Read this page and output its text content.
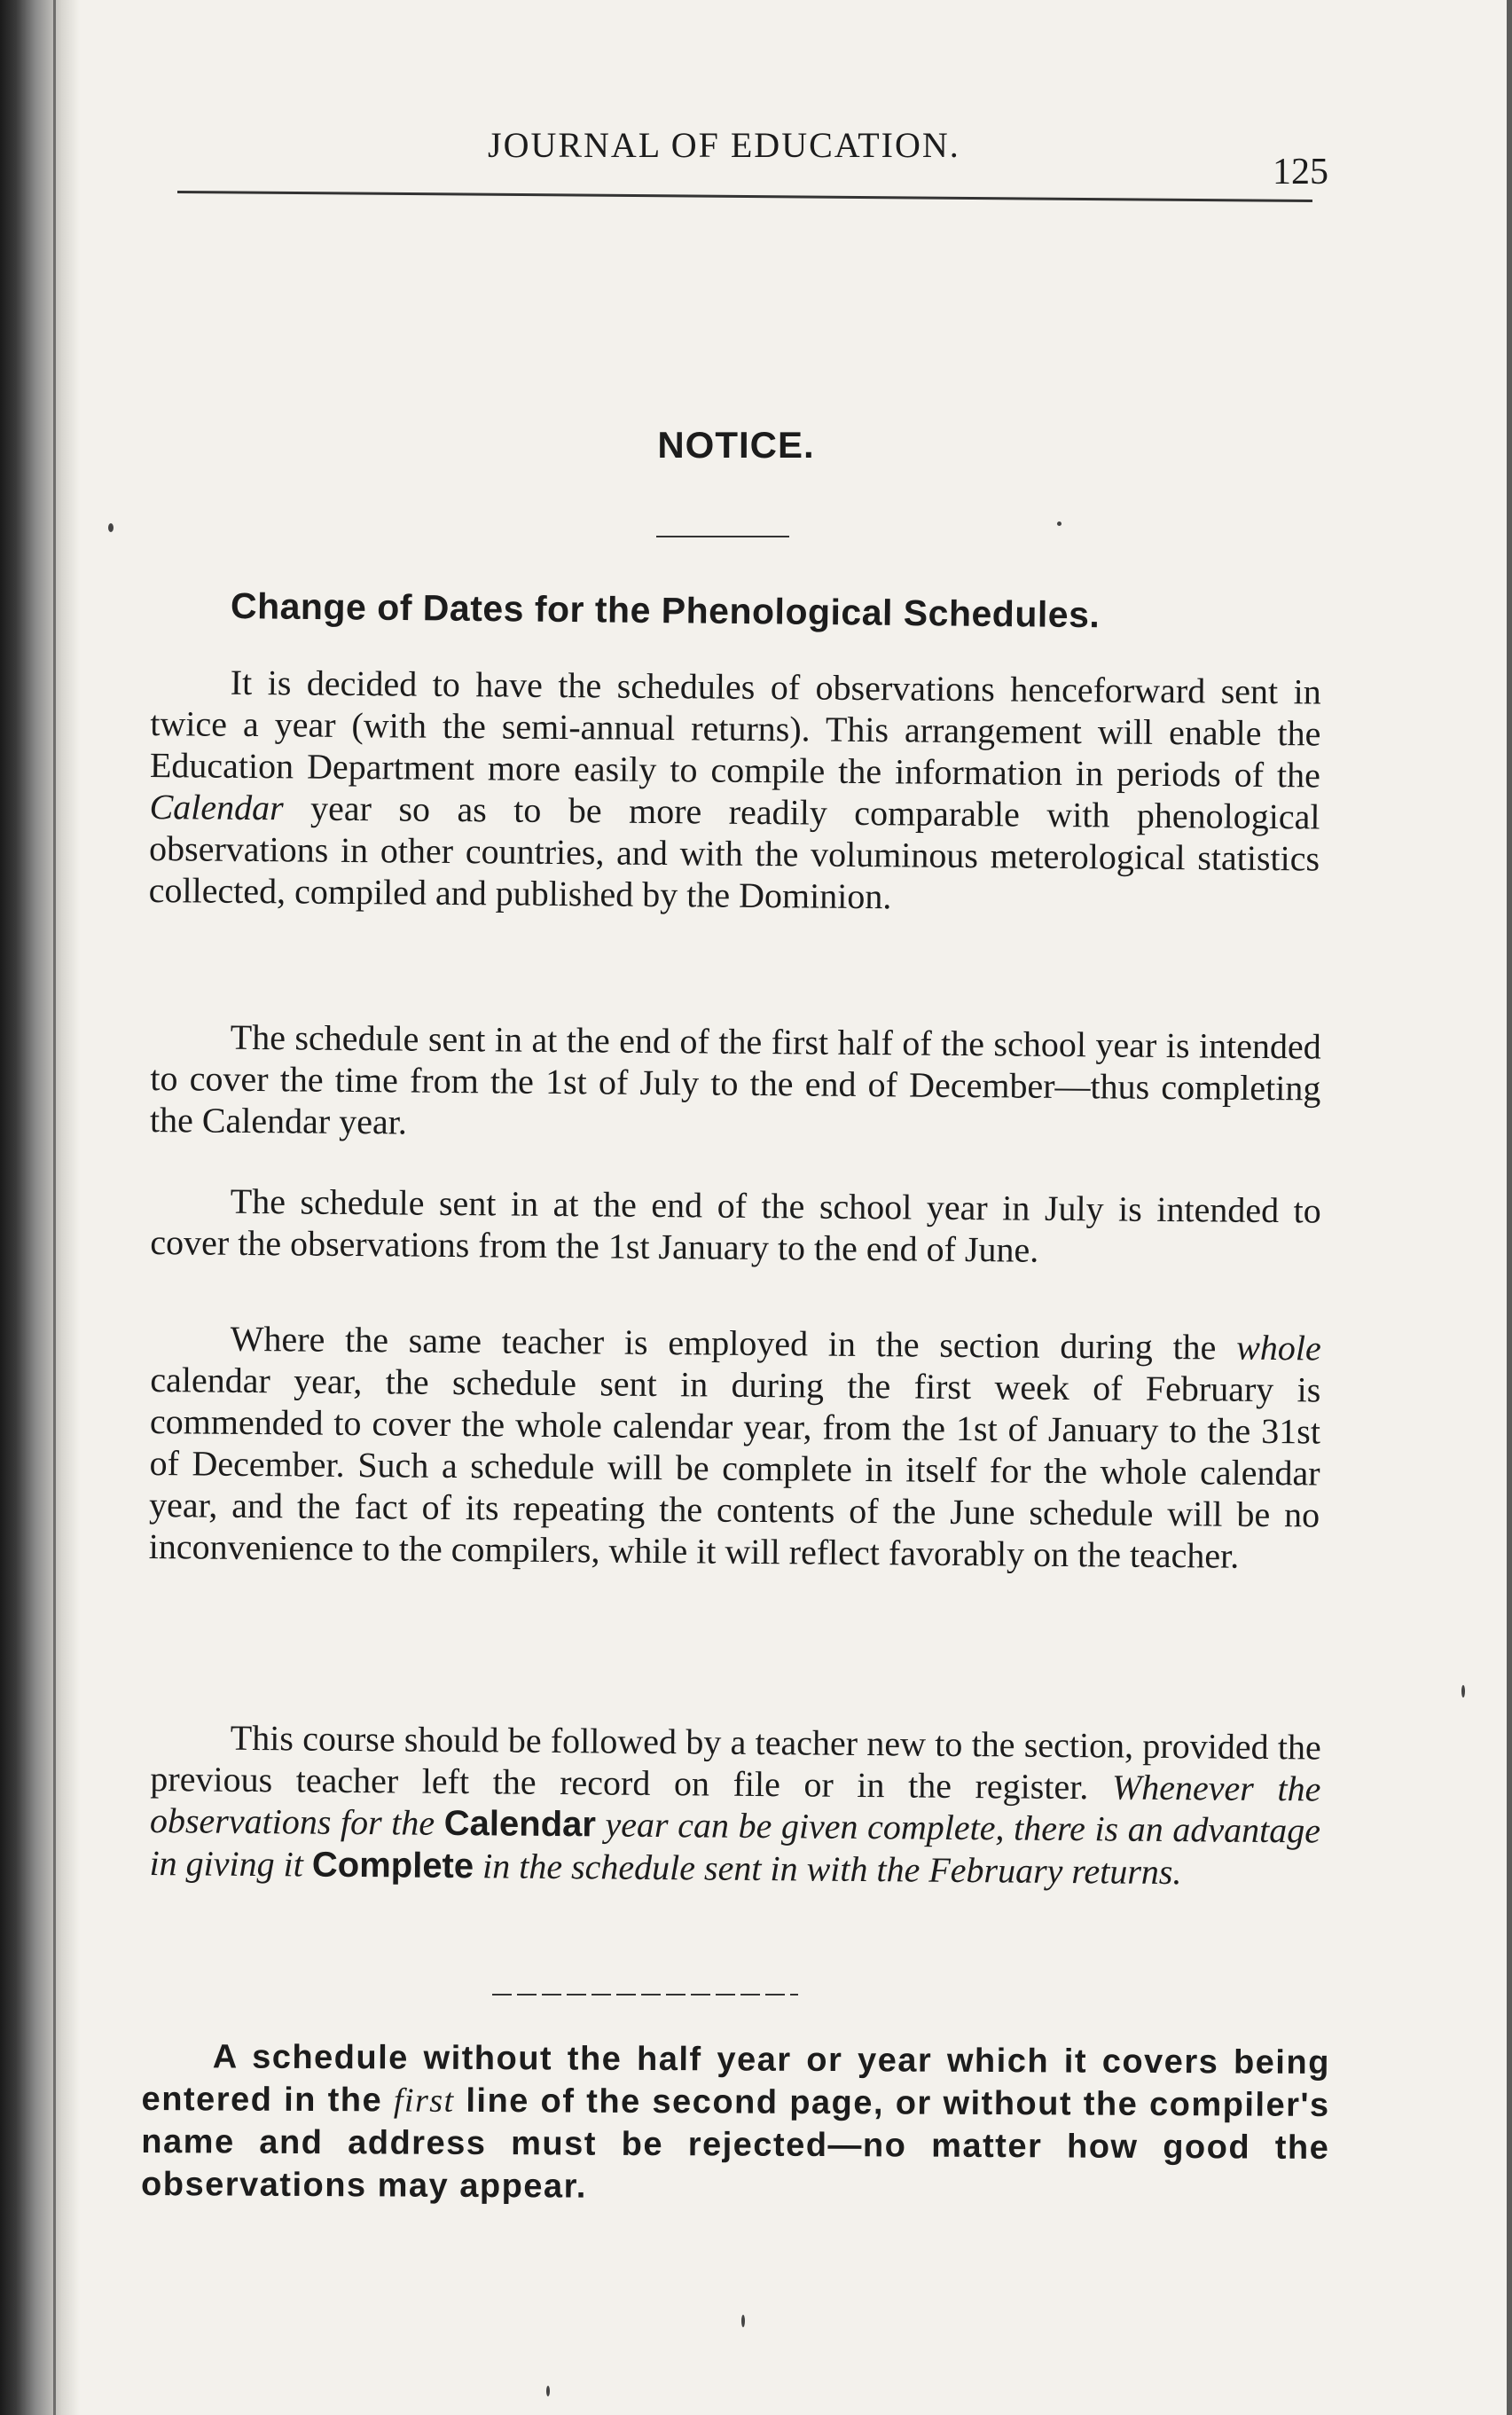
JOURNAL OF EDUCATION.
125
NOTICE.
Change of Dates for the Phenological Schedules.

It is decided to have the schedules of observations henceforward sent in twice a year (with the semi-annual returns). This arrangement will enable the Education Department more easily to compile the information in periods of the Calendar year so as to be more readily comparable with phenological observations in other countries, and with the voluminous meterological statistics collected, compiled and published by the Dominion.

The schedule sent in at the end of the first half of the school year is intended to cover the time from the 1st of July to the end of December—thus completing the Calendar year.

The schedule sent in at the end of the school year in July is intended to cover the observations from the 1st January to the end of June.

Where the same teacher is employed in the section during the whole calendar year, the schedule sent in during the first week of February is commended to cover the whole calendar year, from the 1st of January to the 31st of December. Such a schedule will be complete in itself for the whole calendar year, and the fact of its repeating the contents of the June schedule will be no inconvenience to the compilers, while it will reflect favorably on the teacher.

This course should be followed by a teacher new to the section, provided the previous teacher left the record on file or in the register. Whenever the observations for the Calendar year can be given complete, there is an advantage in giving it Complete in the schedule sent in with the February returns.

A schedule without the half year or year which it covers being entered in the first line of the second page, or without the compiler's name and address must be rejected—no matter how good the observations may appear.
